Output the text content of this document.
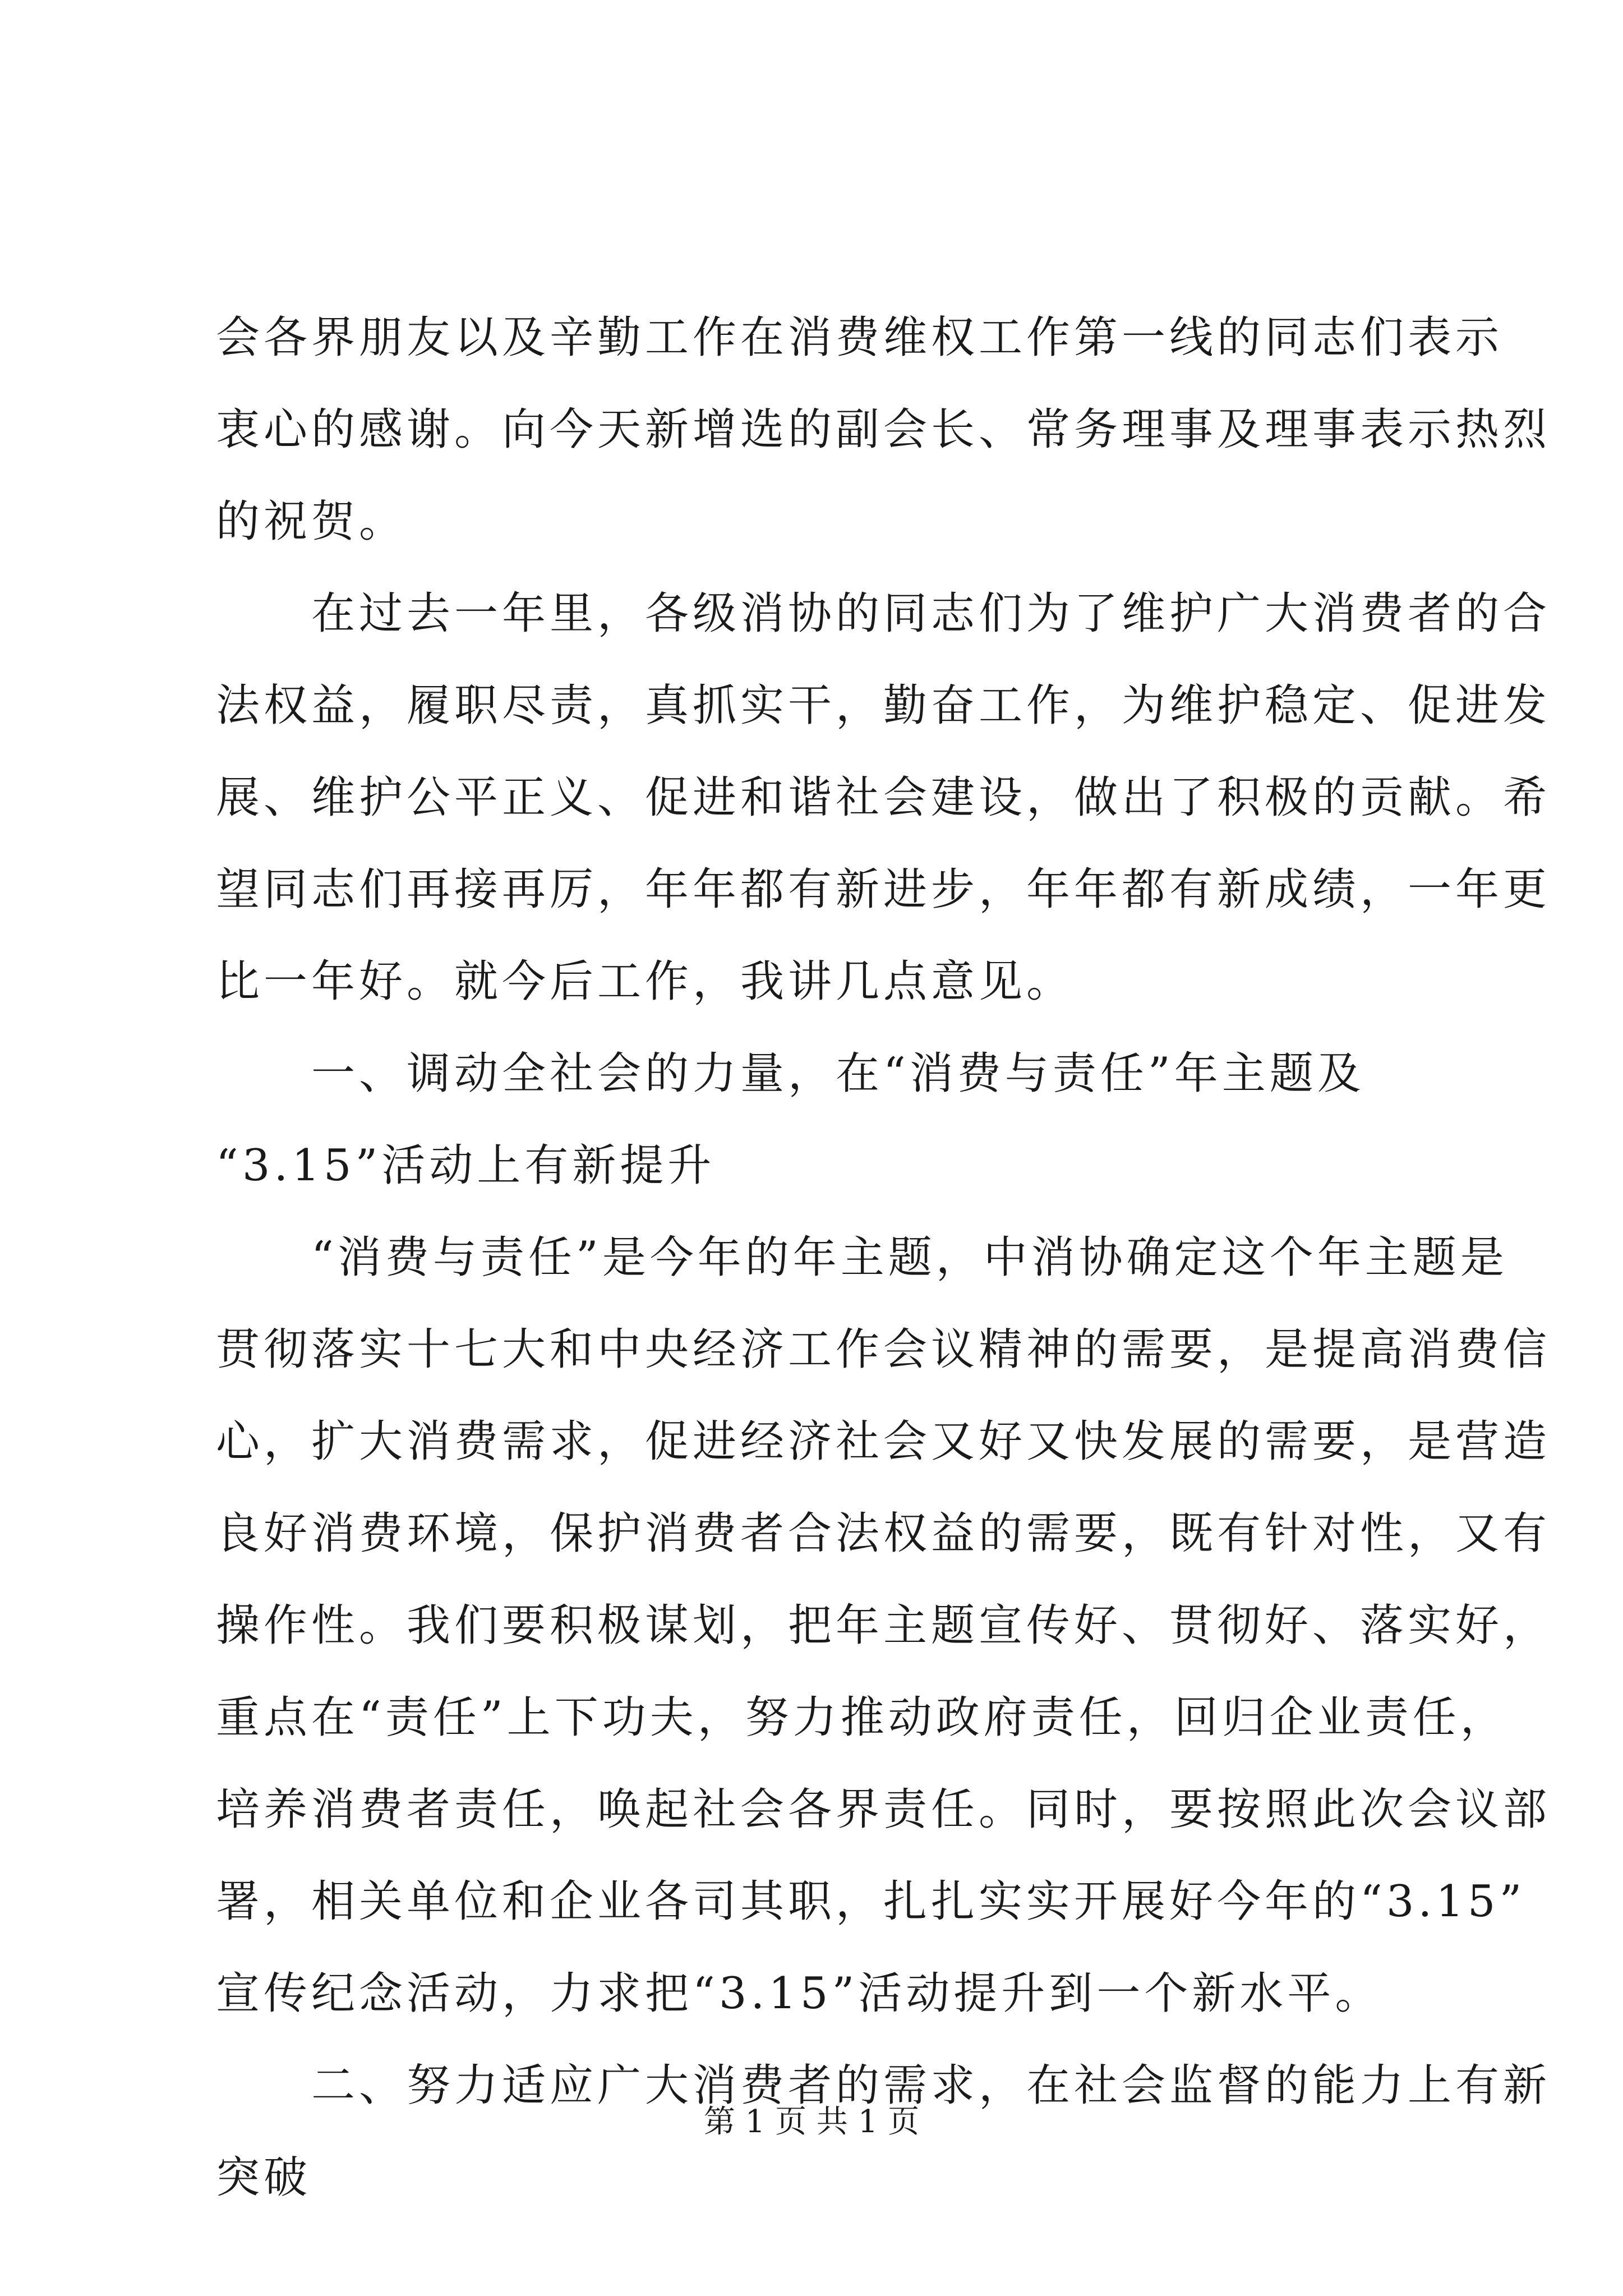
会各界朋友以及辛勤工作在消费维权工作第一线的同志们表示
衷心的感谢。向今天新增选的副会长、常务理事及理事表示热烈
的祝贺。
　　在过去一年里，各级消协的同志们为了维护广大消费者的合
法权益，履职尽责，真抓实干，勤奋工作，为维护稳定、促进发
展、维护公平正义、促进和谐社会建设，做出了积极的贡献。希
望同志们再接再厉，年年都有新进步，年年都有新成绩，一年更
比一年好。就今后工作，我讲几点意见。
　　一、调动全社会的力量，在“消费与责任”年主题及
“3.15”活动上有新提升
　　“消费与责任”是今年的年主题，中消协确定这个年主题是
贯彻落实十七大和中央经济工作会议精神的需要，是提高消费信
心，扩大消费需求，促进经济社会又好又快发展的需要，是营造
良好消费环境，保护消费者合法权益的需要，既有针对性，又有
操作性。我们要积极谋划，把年主题宣传好、贯彻好、落实好，
重点在“责任”上下功夫，努力推动政府责任，回归企业责任，
培养消费者责任，唤起社会各界责任。同时，要按照此次会议部
署，相关单位和企业各司其职，扎扎实实开展好今年的“3.15”
宣传纪念活动，力求把“3.15”活动提升到一个新水平。
　　二、努力适应广大消费者的需求，在社会监督的能力上有新
突破
第 1 页 共 1 页
